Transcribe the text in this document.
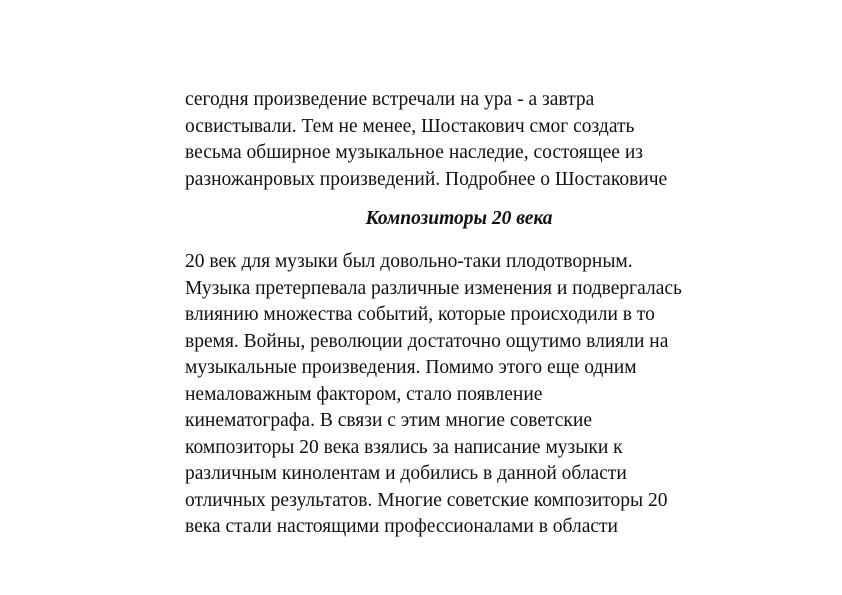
сегодня произведение встречали на ура - а завтра
освистывали. Тем не менее, Шостакович смог создать
весьма обширное музыкальное наследие, состоящее из
разножанровых произведений. Подробнее о Шостаковиче
Композиторы 20 века
20 век для музыки был довольно-таки плодотворным.
Музыка претерпевала различные изменения и подвергалась
влиянию множества событий, которые происходили в то
время. Войны, революции достаточно ощутимо влияли на
музыкальные произведения. Помимо этого еще одним
немаловажным фактором, стало появление
кинематографа. В связи с этим многие советские
композиторы 20 века взялись за написание музыки к
различным кинолентам и добились в данной области
отличных результатов. Многие советские композиторы 20
века стали настоящими профессионалами в области
